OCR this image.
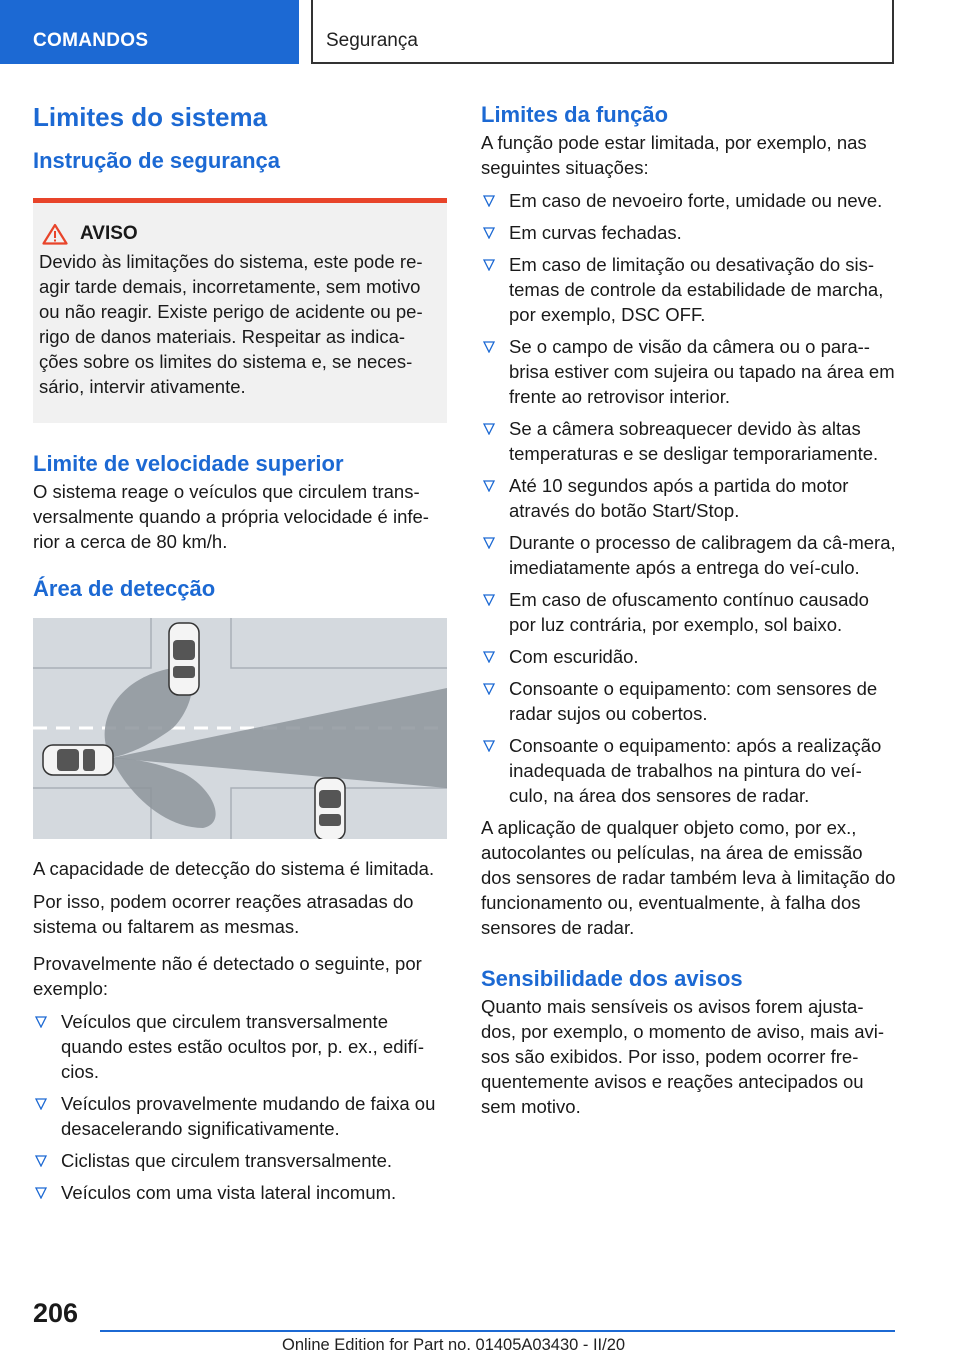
COMANDOS	Segurança
Limites do sistema
Instrução de segurança
AVISO

Devido às limitações do sistema, este pode re-agir tarde demais, incorretamente, sem motivo ou não reagir. Existe perigo de acidente ou pe-rigo de danos materiais. Respeitar as indica-ções sobre os limites do sistema e, se neces-sário, intervir ativamente.

Limite de velocidade superior

O sistema reage o veículos que circulem trans-versalmente quando a própria velocidade é infe-rior a cerca de 80 km/h.

Área de detecção

A capacidade de detecção do sistema é limitada.

Por isso, podem ocorrer reações atrasadas do sistema ou faltarem as mesmas.

Provavelmente não é detectado o seguinte, por exemplo:

Veículos que circulem transversalmente quando estes estão ocultos por, p. ex., edifí-cios.
Veículos provavelmente mudando de faixa ou desacelerando significativamente.
Ciclistas que circulem transversalmente.
Veículos com uma vista lateral incomum.
Limites da função

A função pode estar limitada, por exemplo, nas seguintes situações:

Em caso de nevoeiro forte, umidade ou neve.
Em curvas fechadas.
Em caso de limitação ou desativação do sis-temas de controle da estabilidade de marcha, por exemplo, DSC OFF.
Se o campo de visão da câmera ou o para--brisa estiver com sujeira ou tapado na área em frente ao retrovisor interior.
Se a câmera sobreaquecer devido às altas temperaturas e se desligar temporariamente.
Até 10 segundos após a partida do motor através do botão Start/Stop.
Durante o processo de calibragem da câ-mera, imediatamente após a entrega do veí-culo.
Em caso de ofuscamento contínuo causado por luz contrária, por exemplo, sol baixo.
Com escuridão.
Consoante o equipamento: com sensores de radar sujos ou cobertos.
Consoante o equipamento: após a realização inadequada de trabalhos na pintura do veí-culo, na área dos sensores de radar.

A aplicação de qualquer objeto como, por ex., autocolantes ou películas, na área de emissão dos sensores de radar também leva à limitação do funcionamento ou, eventualmente, à falha dos sensores de radar.

Sensibilidade dos avisos

Quanto mais sensíveis os avisos forem ajusta-dos, por exemplo, o momento de aviso, mais avi-sos são exibidos. Por isso, podem ocorrer fre-quentemente avisos e reações antecipados ou sem motivo.

206
Online Edition for Part no. 01405A03430 - II/20
